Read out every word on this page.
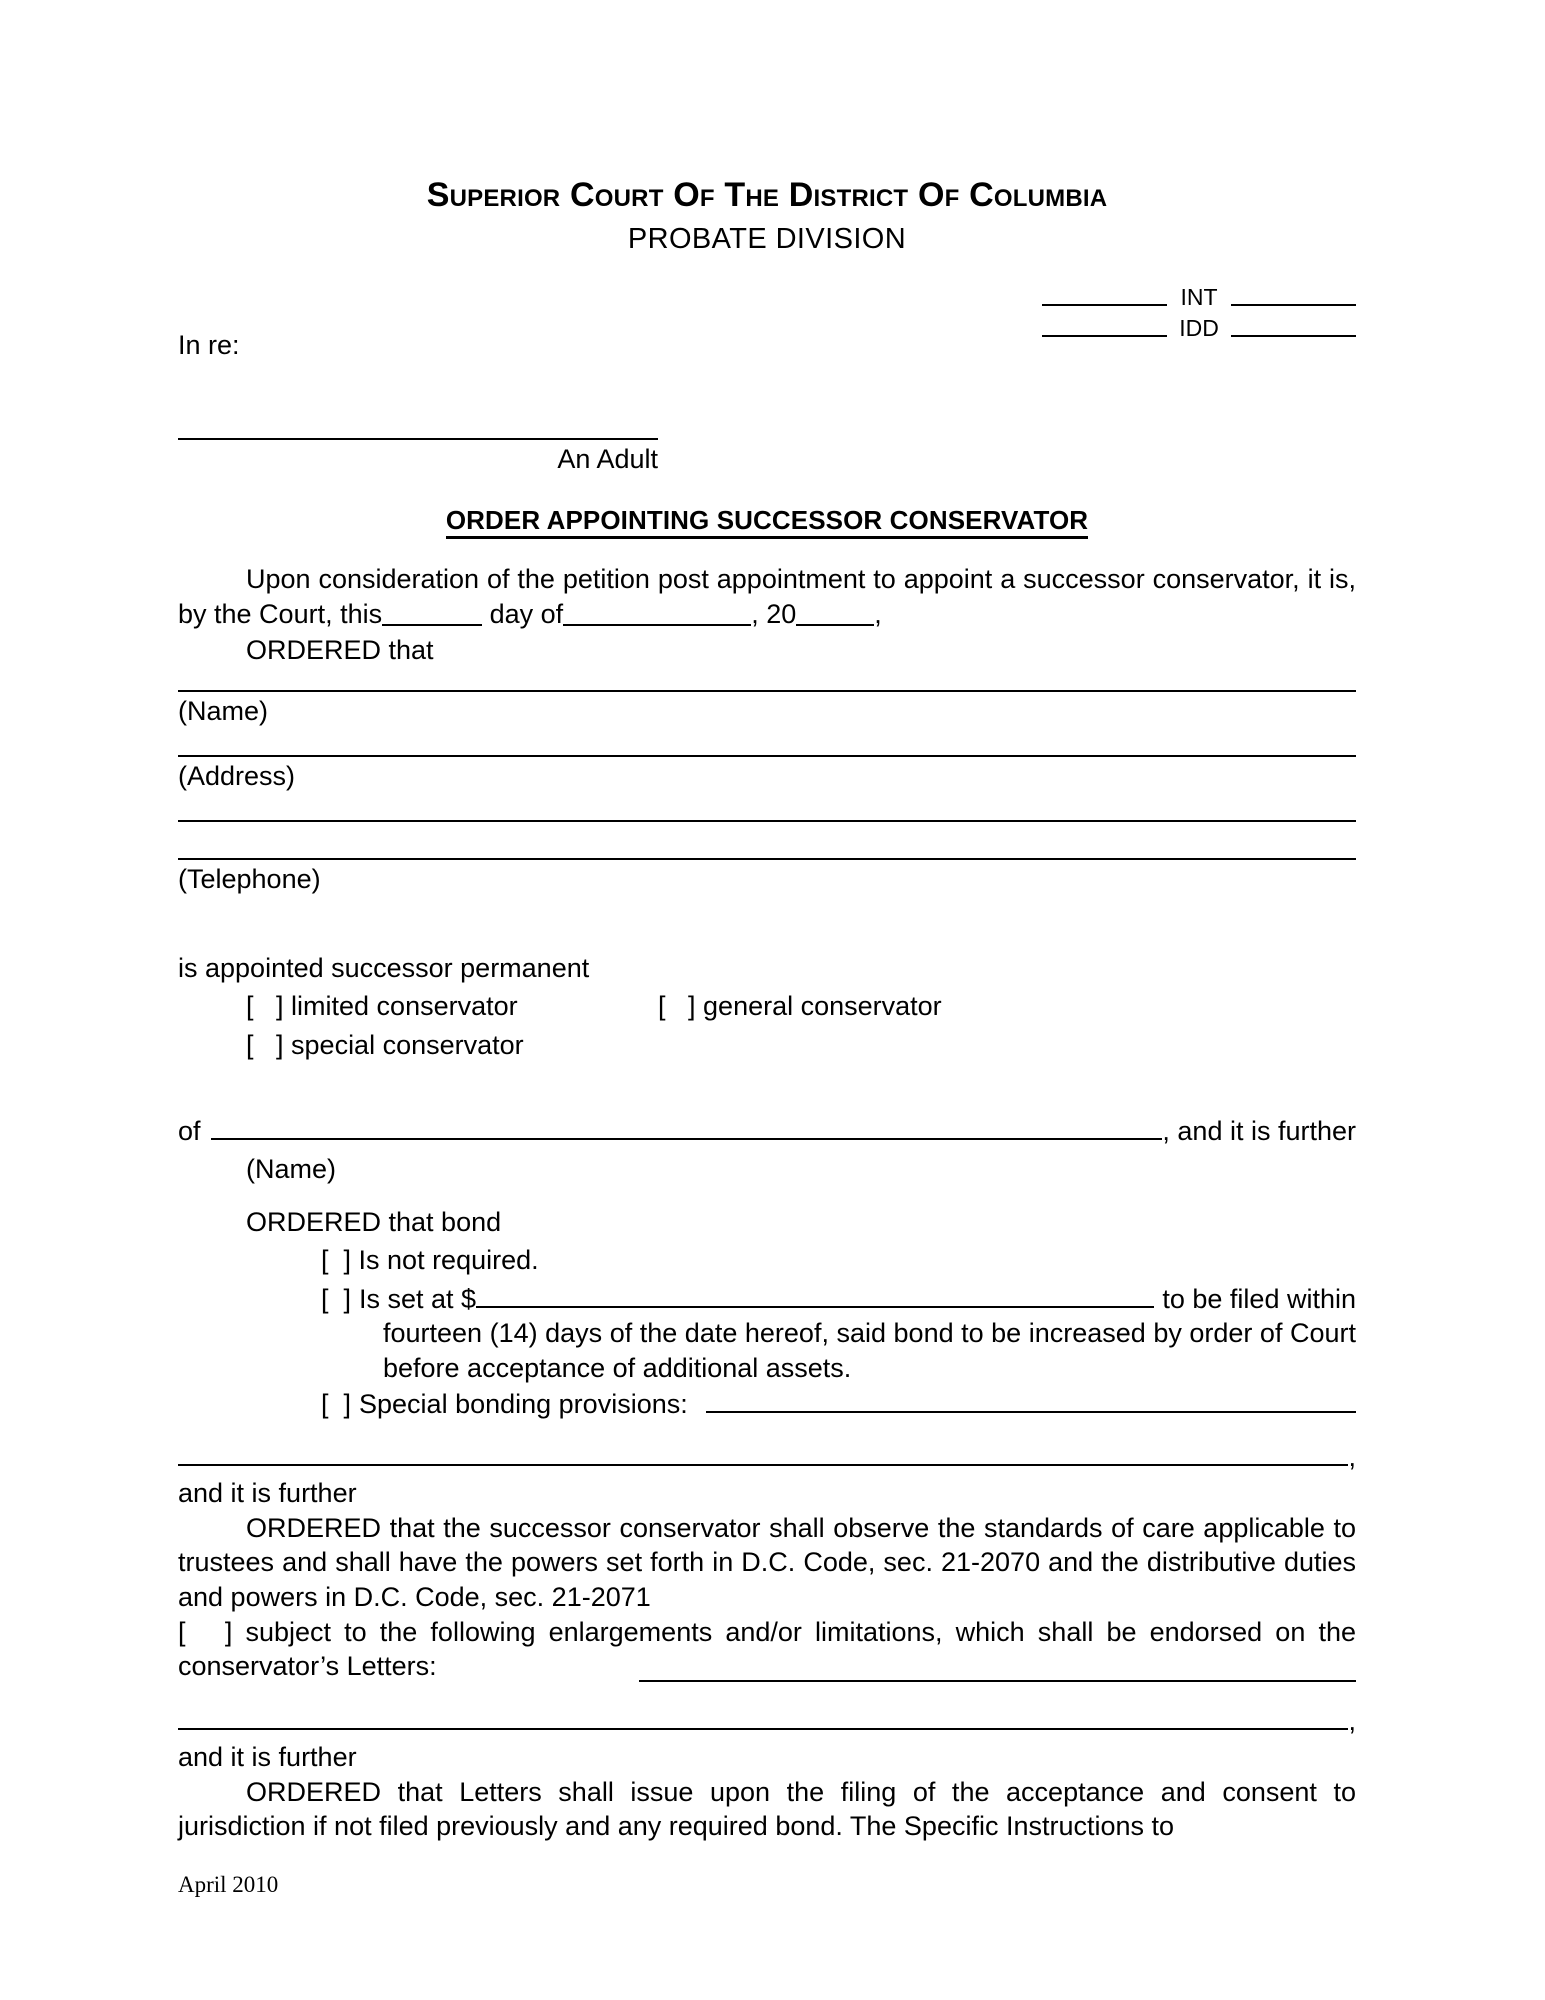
Superior Court Of The District Of Columbia
PROBATE DIVISION
INT
IDD
In re:
An Adult
ORDER APPOINTING SUCCESSOR CONSERVATOR

Upon consideration of the petition post appointment to appoint a successor conservator, it is, by the Court, this	day of	, 20	,

ORDERED that

(Name)
(Address)
(Telephone)

is appointed successor permanent

[   ] limited conservator	[   ] general conservator
[   ] special conservator
of	, and it is further
(Name)

ORDERED that bond

[  ] Is not required.
[  ] Is set at $	to be filed within

fourteen (14) days of the date hereof, said bond to be increased by order of Court before acceptance of additional assets.

[  ] Special bonding provisions:
,

and it is further

ORDERED that the successor conservator shall observe the standards of care applicable to trustees and shall have the powers set forth in D.C. Code, sec. 21-2070 and the distributive duties and powers in D.C. Code, sec. 21-2071

[   ] subject to the following enlargements and/or limitations, which shall be endorsed on the conservator’s Letters:

,

and it is further

ORDERED that Letters shall issue upon the filing of the acceptance and consent to jurisdiction if not filed previously and any required bond. The Specific Instructions to

April 2010
